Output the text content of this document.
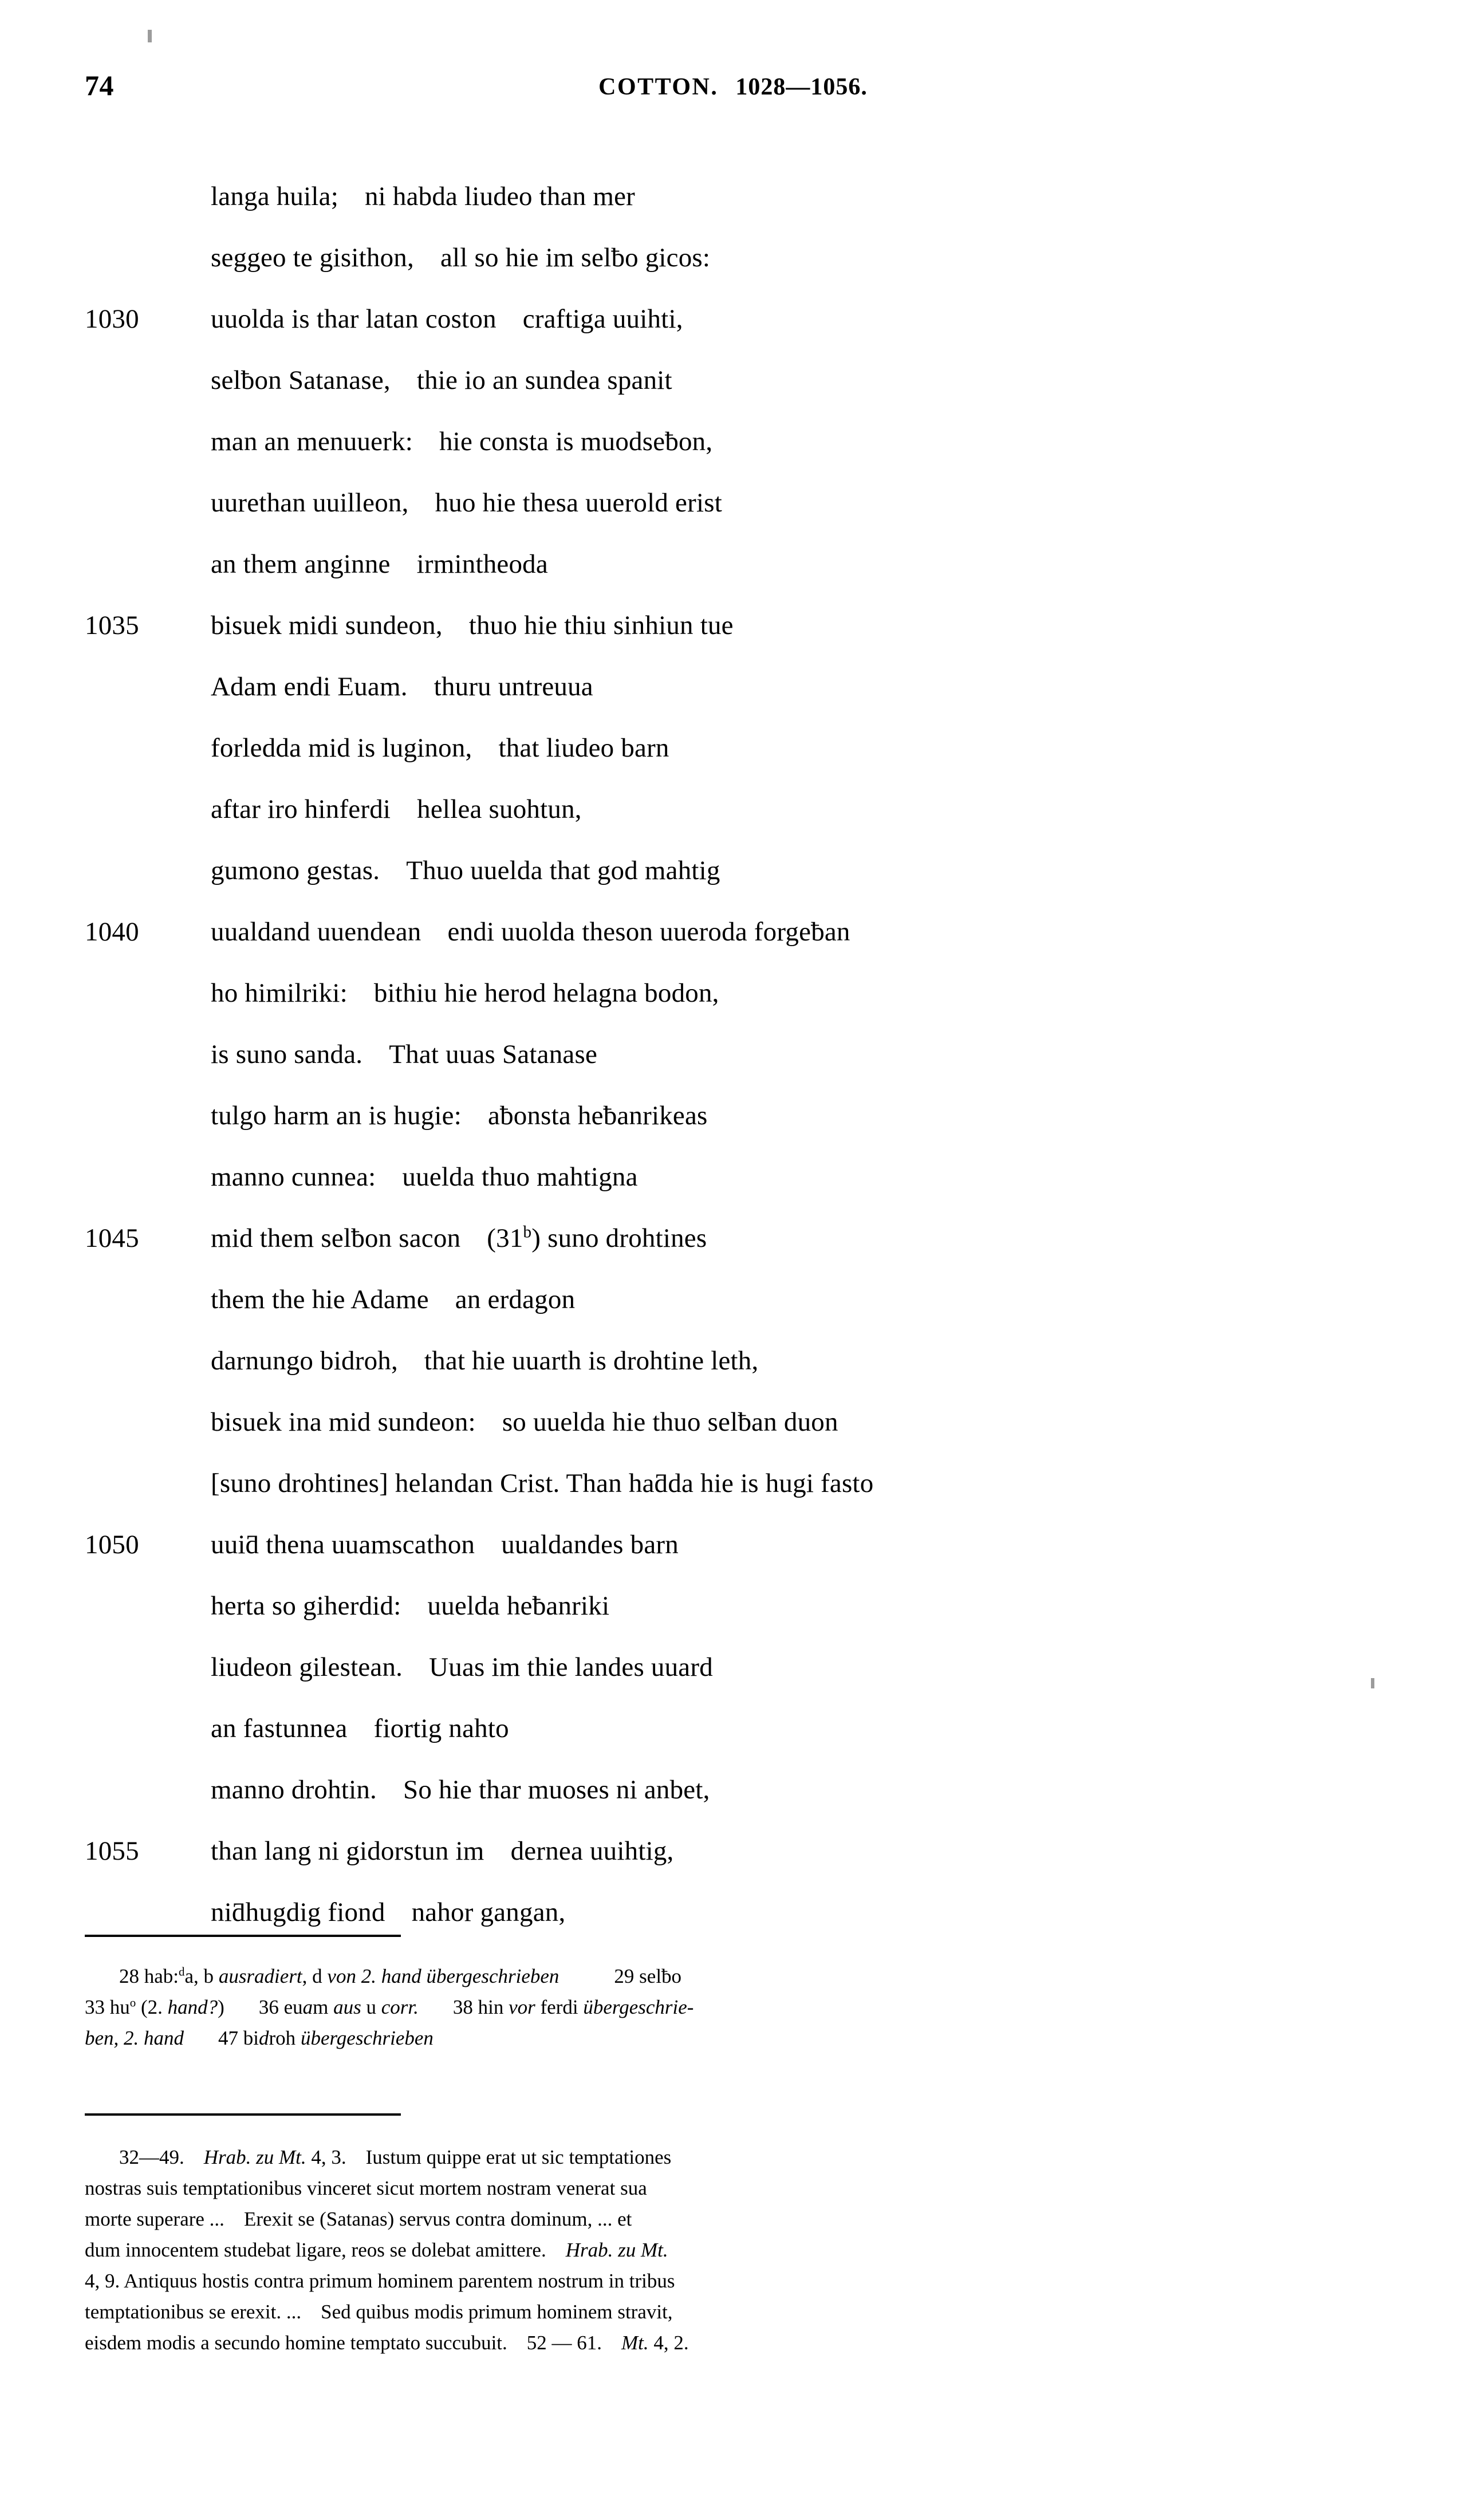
74	COTTON. 1028—1056.
langa huila; ni habda liudeo than mer
seggeo te gisithon, all so hie im selƀo gicos:
1030	uuolda is thar latan coston craftiga uuihti,
selƀon Satanase, thie io an sundea spanit
man an menuuerk: hie consta is muodseƀon,
uurethan uuilleon, huo hie thesa uuerold erist
an them anginne irmintheoda
1035	bisuek midi sundeon, thuo hie thiu sinhiun tue
Adam endi Euam. thuru untreuua
forledda mid is luginon, that liudeo barn
aftar iro hinferdi hellea suohtun,
gumono gestas. Thuo uuelda that god mahtig
1040	uualdand uuendean endi uuolda theson uueroda forgeƀan
ho himilriki: bithiu hie herod helagna bodon,
is suno sanda. That uuas Satanase
tulgo harm an is hugie: aƀonsta heƀanrikeas
manno cunnea: uuelda thuo mahtigna
1045	mid them selƀon sacon (31$^b$) suno drohtines
them the hie Adame an erdagon
darnungo bidroh, that hie uuarth is drohtine leth,
bisuek ina mid sundeon: so uuelda hie thuo selƀan duon
[suno drohtines] helandan Crist. Than haƌda hie is hugi fasto
1050	uuiƌ thena uuamscathon uualdandes barn
herta so giherdid: uuelda heƀanriki
liudeon gilestean. Uuas im thie landes uuard
an fastunnea fiortig nahto
manno drohtin. So hie thar muoses ni anbet,
1055	than lang ni gidorstun im dernea uuihtig,
niƌhugdig fiond nahor gangan,
28 hab:$^d$a, b ausradiert, d von 2. hand übergeschrieben	29 selƀo
33 $hu^o$ (2. hand?) 36 euam aus u corr. 38 hin vor ferdi übergeschrie-
ben, 2. hand 47 bidroh übergeschrieben
32—49. Hrab. zu Mt. 4, 3. Iustum quippe erat ut sic temptationes
nostras suis temptationibus vinceret sicut mortem nostram venerat sua
morte superare ... Erexit se (Satanas) servus contra dominum, ... et
dum innocentem studebat ligare, reos se dolebat amittere. Hrab. zu Mt.
4, 9. Antiquus hostis contra primum hominem parentem nostrum in tribus
temptationibus se erexit. ... Sed quibus modis primum hominem stravit,
eisdem modis a secundo homine temptato succubuit. 52 — 61. Mt. 4, 2.
